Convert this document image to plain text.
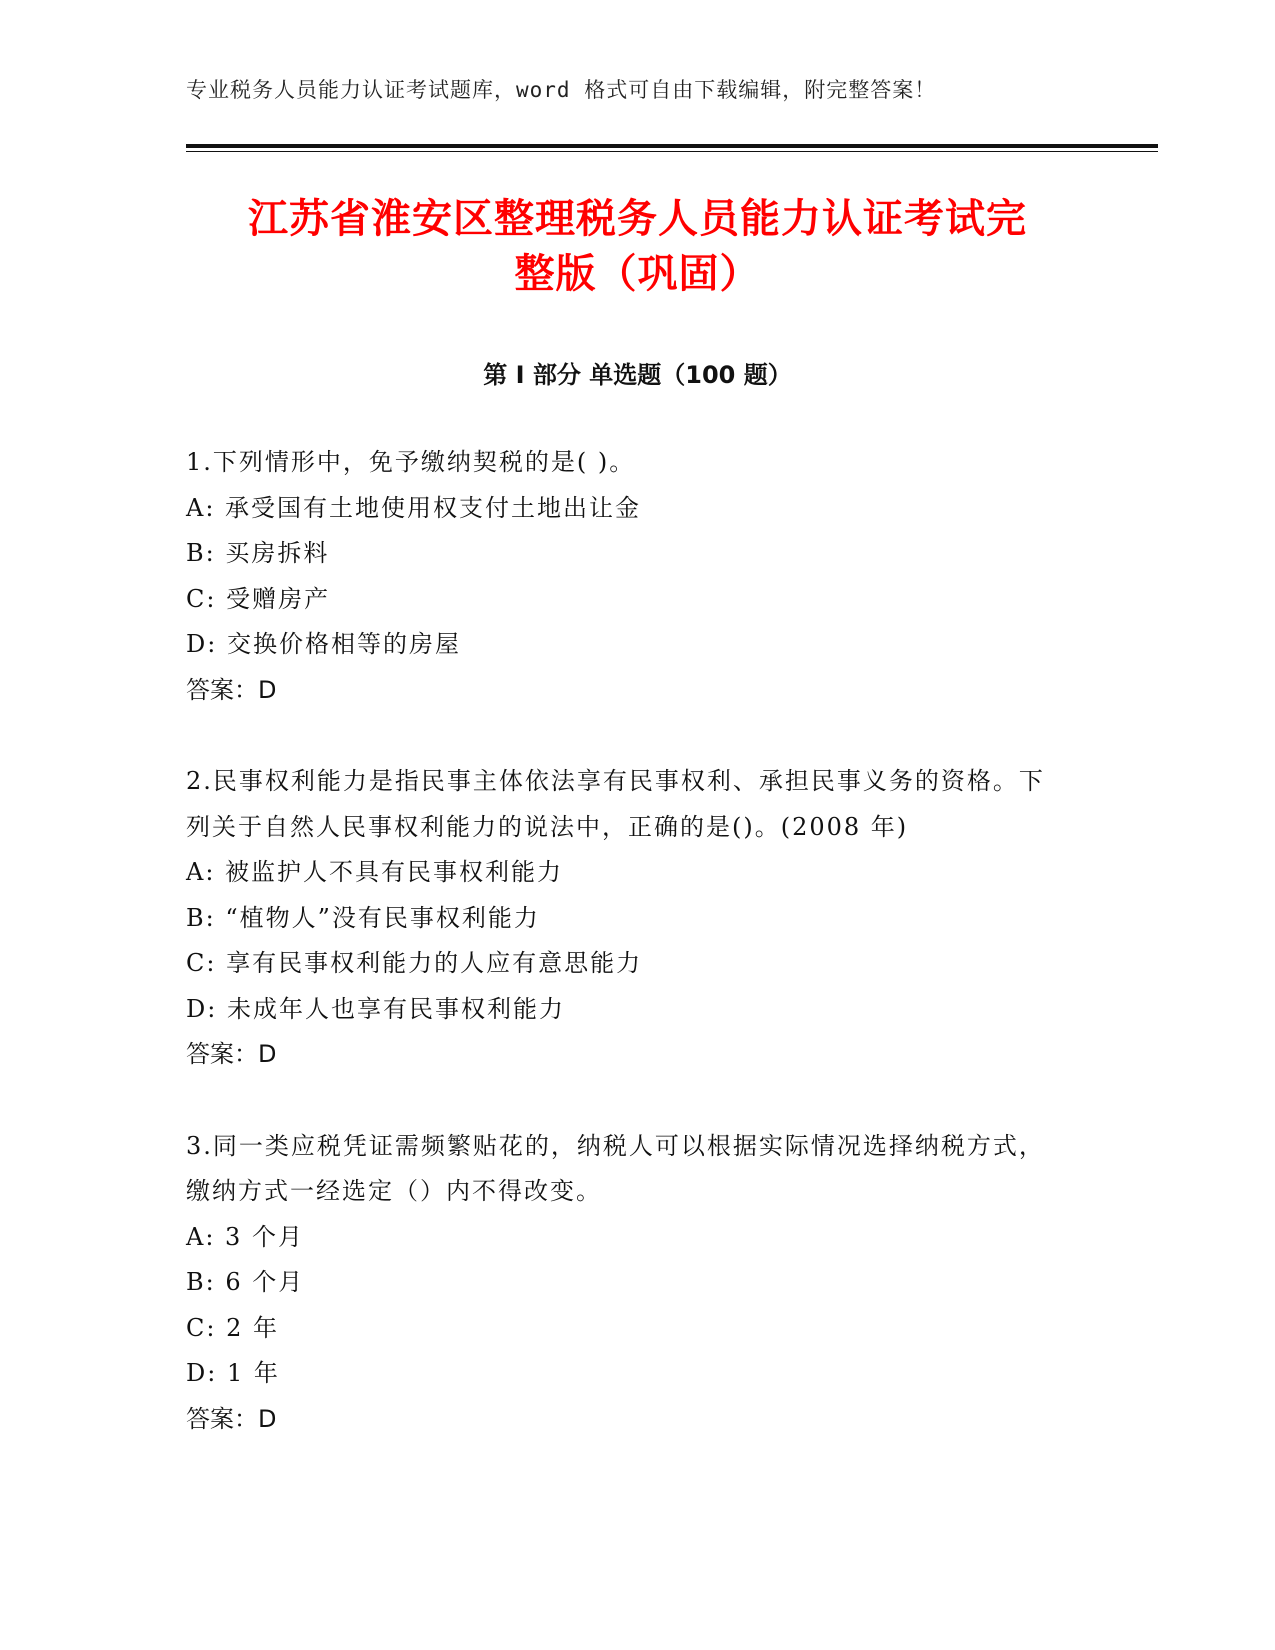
专业税务人员能力认证考试题库，word 格式可自由下载编辑，附完整答案！
江苏省淮安区整理税务人员能力认证考试完
整版（巩固）
第 I 部分 单选题（100 题）
1.下列情形中，免予缴纳契税的是( )。
A: 承受国有土地使用权支付土地出让金
B: 买房拆料
C: 受赠房产
D: 交换价格相等的房屋
答案：D
2.民事权利能力是指民事主体依法享有民事权利、承担民事义务的资格。下列关于自然人民事权利能力的说法中，正确的是()。(2008 年)
A: 被监护人不具有民事权利能力
B: “植物人”没有民事权利能力
C: 享有民事权利能力的人应有意思能力
D: 未成年人也享有民事权利能力
答案：D
3.同一类应税凭证需频繁贴花的，纳税人可以根据实际情况选择纳税方式，缴纳方式一经选定（）内不得改变。
A: 3 个月
B: 6 个月
C: 2 年
D: 1 年
答案：D
